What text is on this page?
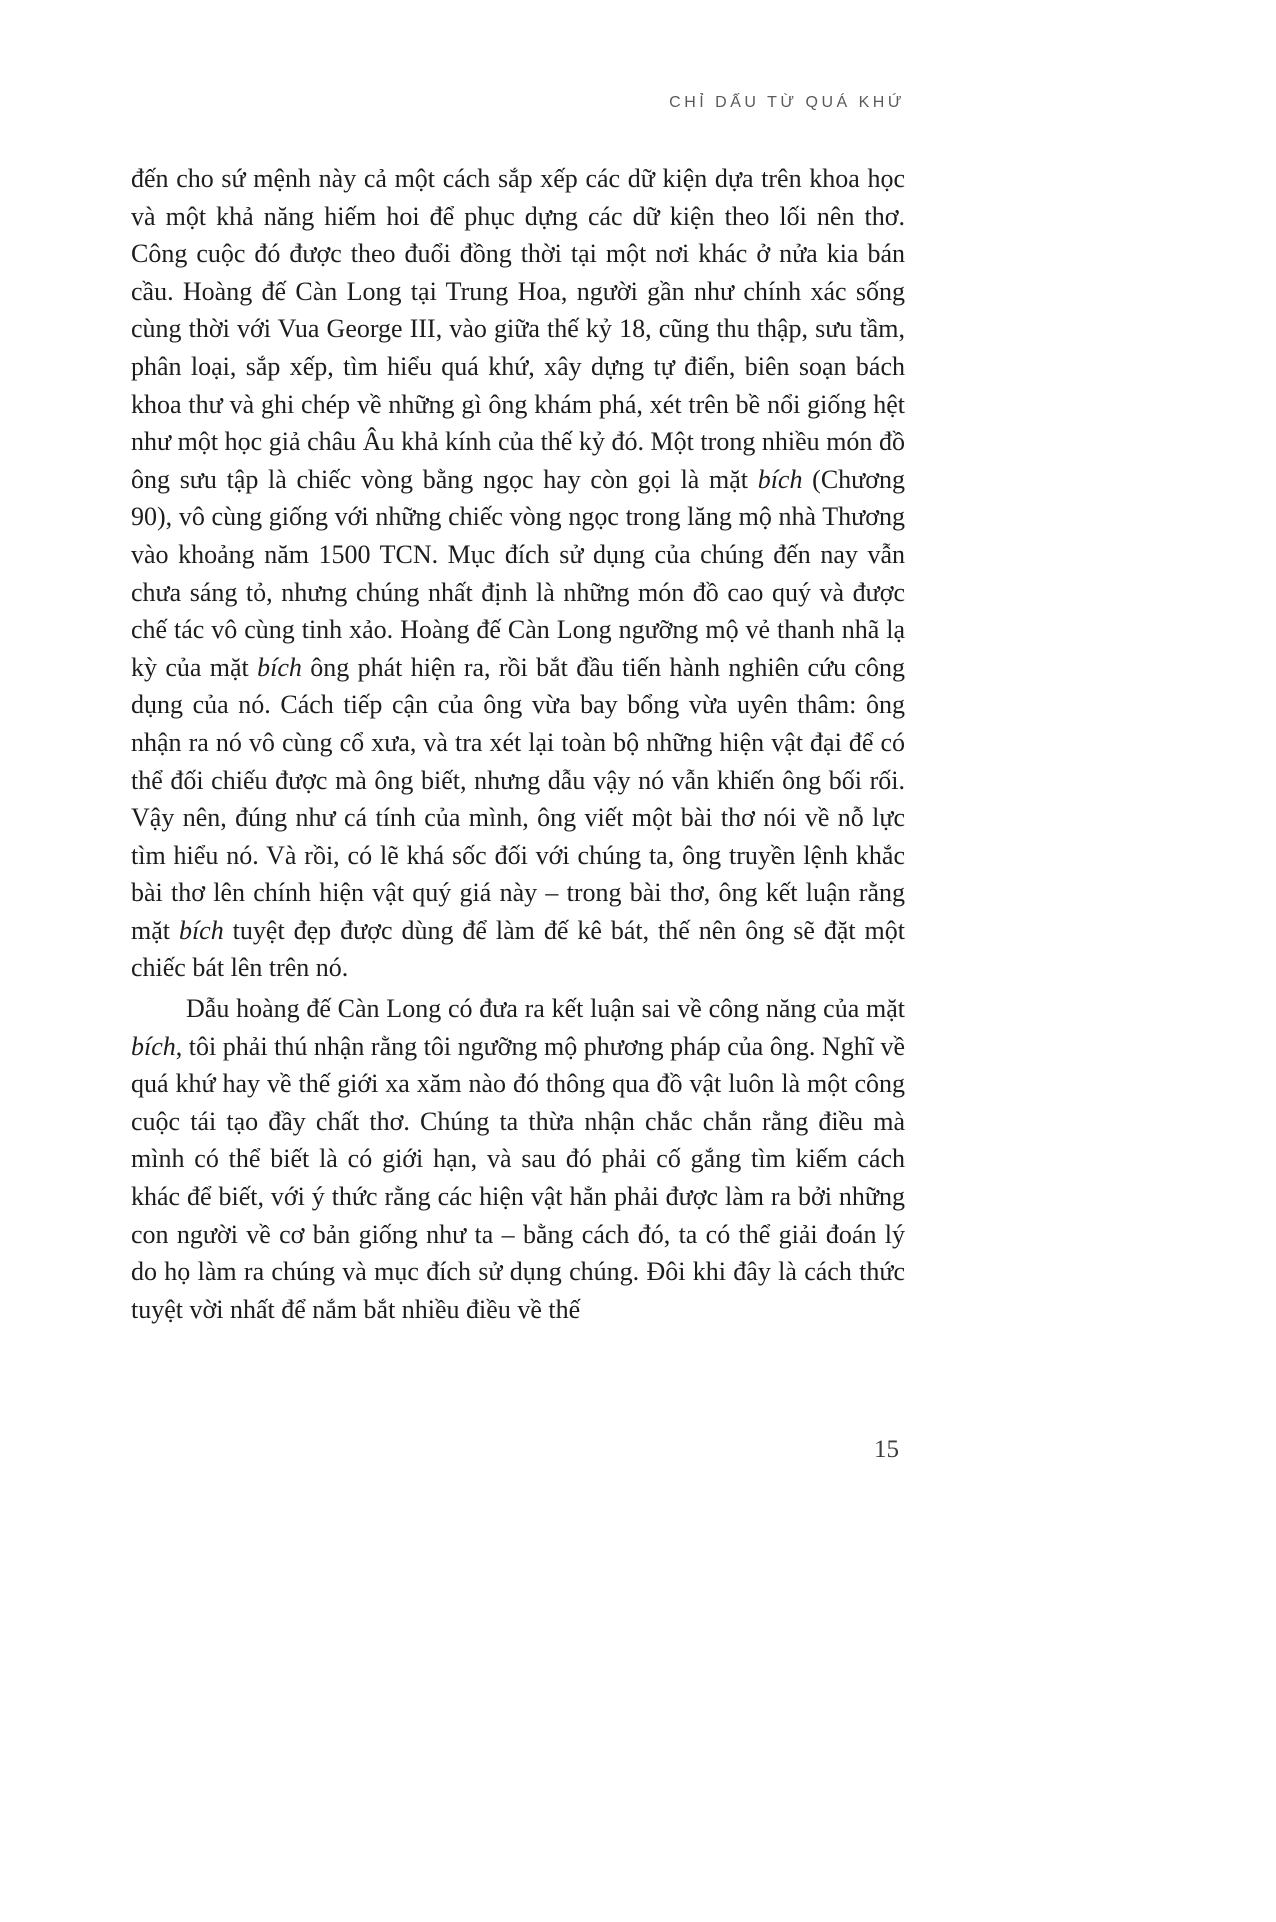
CHỈ DẤU TỪ QUÁ KHỨ

đến cho sứ mệnh này cả một cách sắp xếp các dữ kiện dựa trên khoa học và một khả năng hiếm hoi để phục dựng các dữ kiện theo lối nên thơ. Công cuộc đó được theo đuổi đồng thời tại một nơi khác ở nửa kia bán cầu. Hoàng đế Càn Long tại Trung Hoa, người gần như chính xác sống cùng thời với Vua George III, vào giữa thế kỷ 18, cũng thu thập, sưu tầm, phân loại, sắp xếp, tìm hiểu quá khứ, xây dựng tự điển, biên soạn bách khoa thư và ghi chép về những gì ông khám phá, xét trên bề nổi giống hệt như một học giả châu Âu khả kính của thế kỷ đó. Một trong nhiều món đồ ông sưu tập là chiếc vòng bằng ngọc hay còn gọi là mặt bích (Chương 90), vô cùng giống với những chiếc vòng ngọc trong lăng mộ nhà Thương vào khoảng năm 1500 TCN. Mục đích sử dụng của chúng đến nay vẫn chưa sáng tỏ, nhưng chúng nhất định là những món đồ cao quý và được chế tác vô cùng tinh xảo. Hoàng đế Càn Long ngưỡng mộ vẻ thanh nhã lạ kỳ của mặt bích ông phát hiện ra, rồi bắt đầu tiến hành nghiên cứu công dụng của nó. Cách tiếp cận của ông vừa bay bổng vừa uyên thâm: ông nhận ra nó vô cùng cổ xưa, và tra xét lại toàn bộ những hiện vật đại để có thể đối chiếu được mà ông biết, nhưng dẫu vậy nó vẫn khiến ông bối rối. Vậy nên, đúng như cá tính của mình, ông viết một bài thơ nói về nỗ lực tìm hiểu nó. Và rồi, có lẽ khá sốc đối với chúng ta, ông truyền lệnh khắc bài thơ lên chính hiện vật quý giá này – trong bài thơ, ông kết luận rằng mặt bích tuyệt đẹp được dùng để làm đế kê bát, thế nên ông sẽ đặt một chiếc bát lên trên nó.

Dẫu hoàng đế Càn Long có đưa ra kết luận sai về công năng của mặt bích, tôi phải thú nhận rằng tôi ngưỡng mộ phương pháp của ông. Nghĩ về quá khứ hay về thế giới xa xăm nào đó thông qua đồ vật luôn là một công cuộc tái tạo đầy chất thơ. Chúng ta thừa nhận chắc chắn rằng điều mà mình có thể biết là có giới hạn, và sau đó phải cố gắng tìm kiếm cách khác để biết, với ý thức rằng các hiện vật hẳn phải được làm ra bởi những con người về cơ bản giống như ta – bằng cách đó, ta có thể giải đoán lý do họ làm ra chúng và mục đích sử dụng chúng. Đôi khi đây là cách thức tuyệt vời nhất để nắm bắt nhiều điều về thế

15
